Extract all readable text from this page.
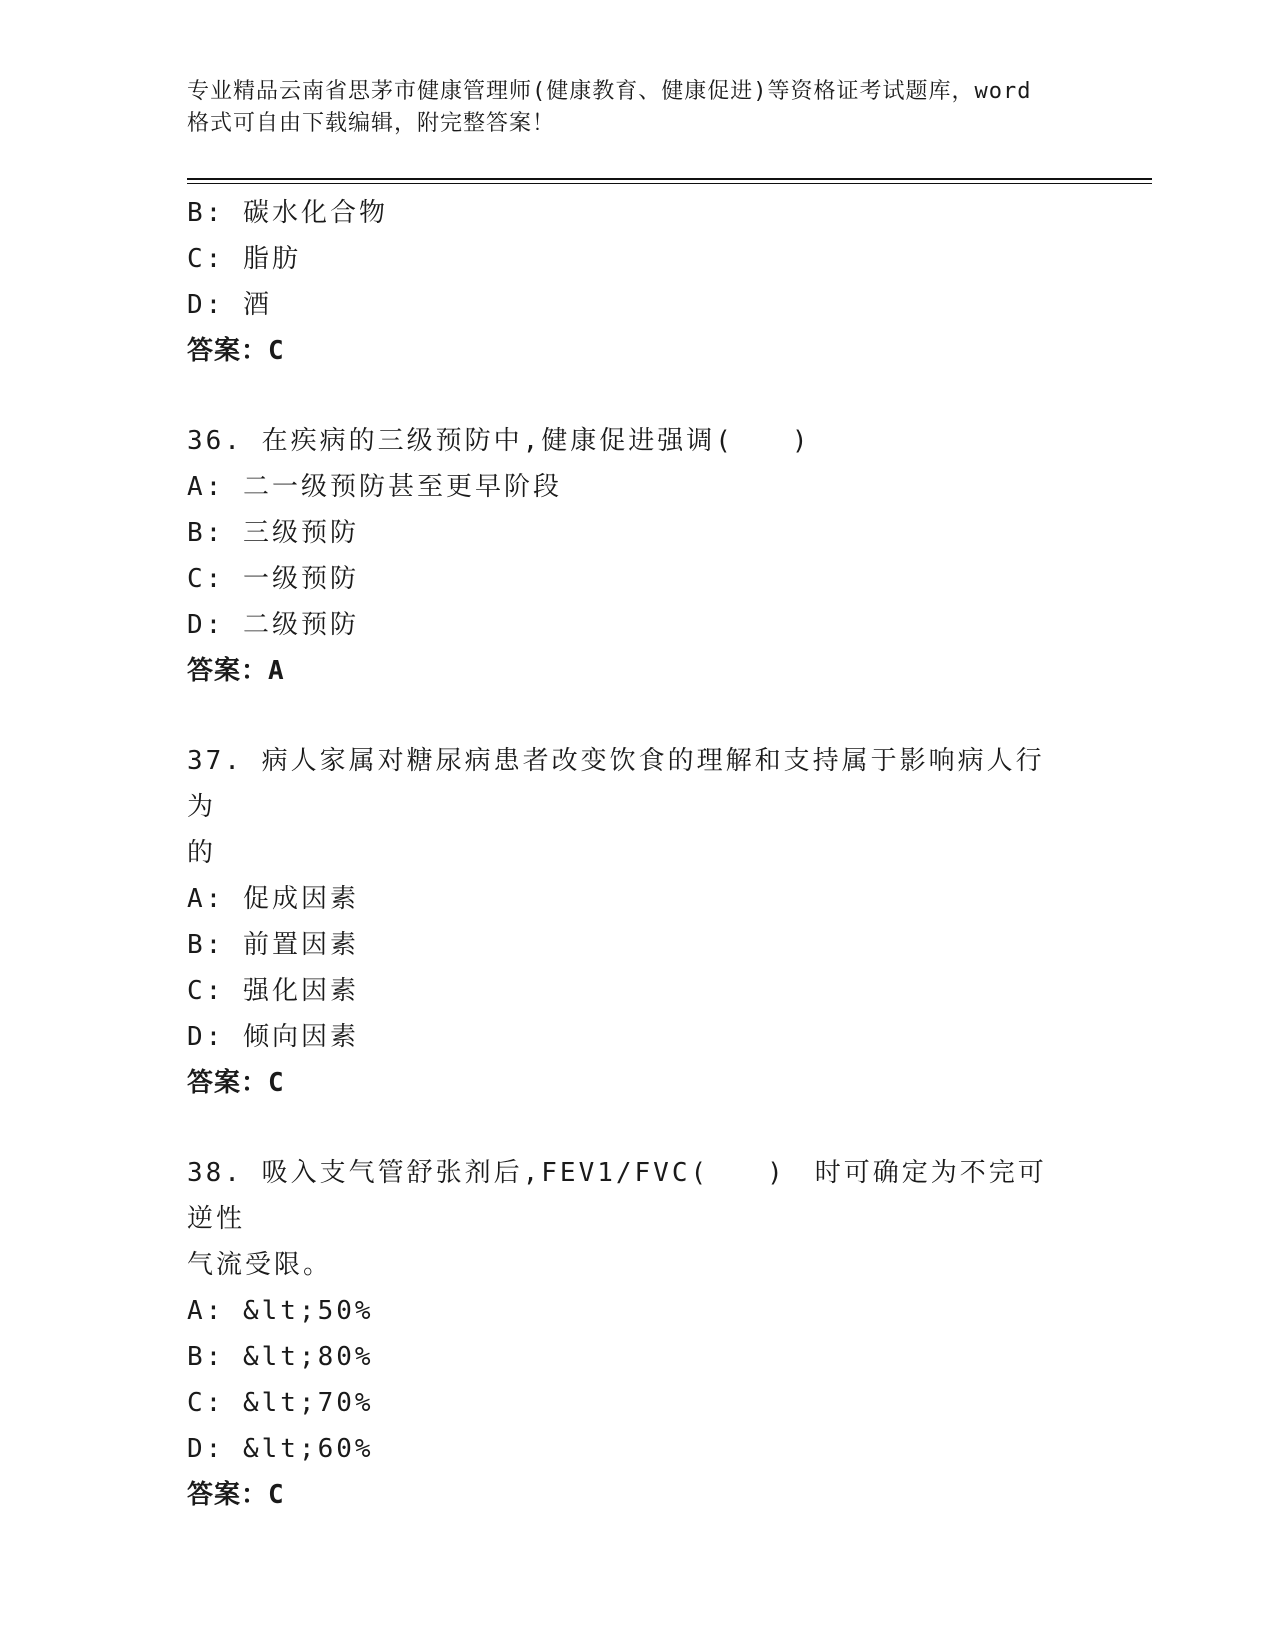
专业精品云南省思茅市健康管理师(健康教育、健康促进)等资格证考试题库，word
格式可自由下载编辑，附完整答案！
B: 碳水化合物
C: 脂肪
D: 酒
答案：C
36. 在疾病的三级预防中,健康促进强调(　　)
A: 二一级预防甚至更早阶段
B: 三级预防
C: 一级预防
D: 二级预防
答案：A
37. 病人家属对糖尿病患者改变饮食的理解和支持属于影响病人行为
的
A: 促成因素
B: 前置因素
C: 强化因素
D: 倾向因素
答案：C
38. 吸入支气管舒张剂后,FEV1/FVC(　　)　时可确定为不完可逆性
气流受限。
A: &lt;50%
B: &lt;80%
C: &lt;70%
D: &lt;60%
答案：C
